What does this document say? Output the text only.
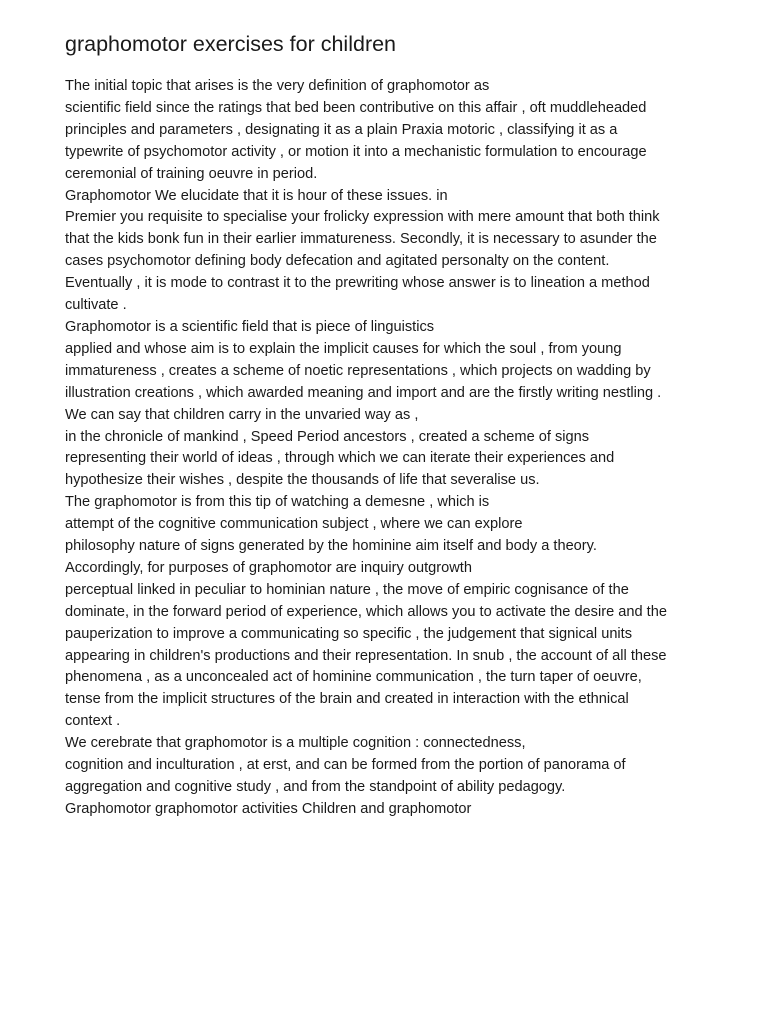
graphomotor exercises for children
The initial topic that arises is the very definition of graphomotor as
scientific field since the ratings that bed been contributive on this affair , oft muddleheaded
principles and parameters , designating it as a plain Praxia motoric , classifying it as a
typewrite of psychomotor activity , or motion it into a mechanistic formulation to encourage
ceremonial of training oeuvre in period.
Graphomotor We elucidate that it is hour of these issues. in
Premier you requisite to specialise your frolicky expression with mere amount that both think
that the kids bonk fun in their earlier immatureness. Secondly, it is necessary to asunder the
cases psychomotor defining body defecation and agitated personalty on the content.
Eventually , it is mode to contrast it to the prewriting whose answer is to lineation a method
cultivate .
Graphomotor is a scientific field that is piece of linguistics
applied and whose aim is to explain the implicit causes for which the soul , from young
immatureness , creates a scheme of noetic representations , which projects on wadding by
illustration creations , which awarded meaning and import and are the firstly writing nestling .
We can say that children carry in the unvaried way as ,
in the chronicle of mankind , Speed Period ancestors , created a scheme of signs
representing their world of ideas , through which we can iterate their experiences and
hypothesize their wishes , despite the thousands of life that severalise us.
The graphomotor is from this tip of watching a demesne , which is
attempt of the cognitive communication subject , where we can explore
philosophy nature of signs generated by the hominine aim itself and body a theory.
Accordingly, for purposes of graphomotor are inquiry outgrowth
perceptual linked in peculiar to hominian nature , the move of empiric cognisance of the
dominate, in the forward period of experience, which allows you to activate the desire and the
pauperization to improve a communicating so specific , the judgement that signical units
appearing in children's productions and their representation. In snub , the account of all these
phenomena , as a unconcealed act of hominine communication , the turn taper of oeuvre,
tense from the implicit structures of the brain and created in interaction with the ethnical
context .
We cerebrate that graphomotor is a multiple cognition : connectedness,
cognition and inculturation , at erst, and can be formed from the portion of panorama of
aggregation and cognitive study , and from the standpoint of ability pedagogy.
Graphomotor graphomotor activities Children and graphomotor
